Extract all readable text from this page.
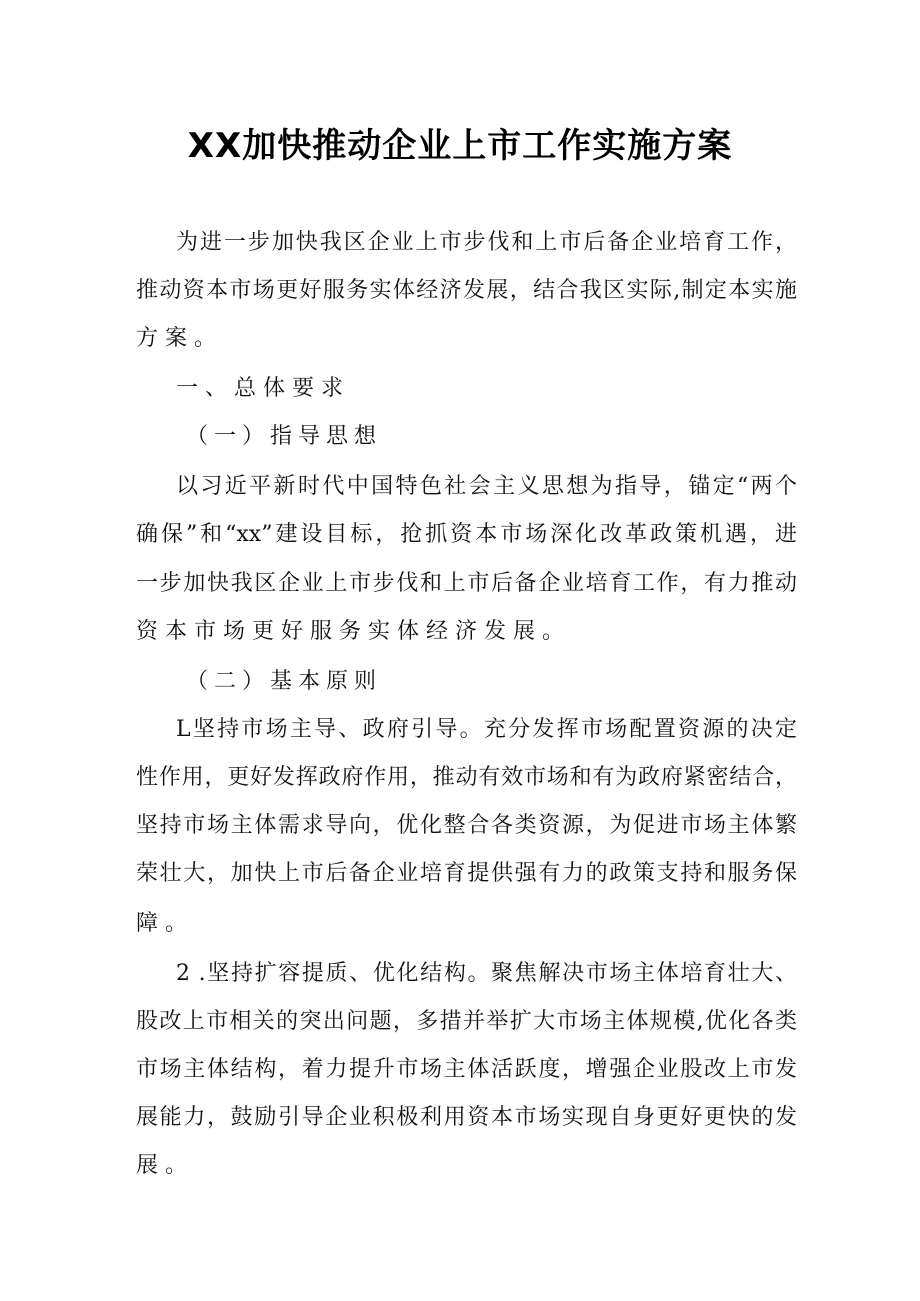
XX加快推动企业上市工作实施方案
为进一步加快我区企业上市步伐和上市后备企业培育工作，
推动资本市场更好服务实体经济发展，结合我区实际,制定本实施
方案。
一、总体要求
（一）指导思想
以习近平新时代中国特色社会主义思想为指导，锚定“两个
确保”和“xx”建设目标，抢抓资本市场深化改革政策机遇，进
一步加快我区企业上市步伐和上市后备企业培育工作，有力推动
资本市场更好服务实体经济发展。
（二）基本原则
L坚持市场主导、政府引导。充分发挥市场配置资源的决定
性作用，更好发挥政府作用，推动有效市场和有为政府紧密结合，
坚持市场主体需求导向，优化整合各类资源，为促进市场主体繁
荣壮大，加快上市后备企业培育提供强有力的政策支持和服务保
障。
2 .坚持扩容提质、优化结构。聚焦解决市场主体培育壮大、
股改上市相关的突出问题，多措并举扩大市场主体规模,优化各类
市场主体结构，着力提升市场主体活跃度，增强企业股改上市发
展能力，鼓励引导企业积极利用资本市场实现自身更好更快的发
展。
